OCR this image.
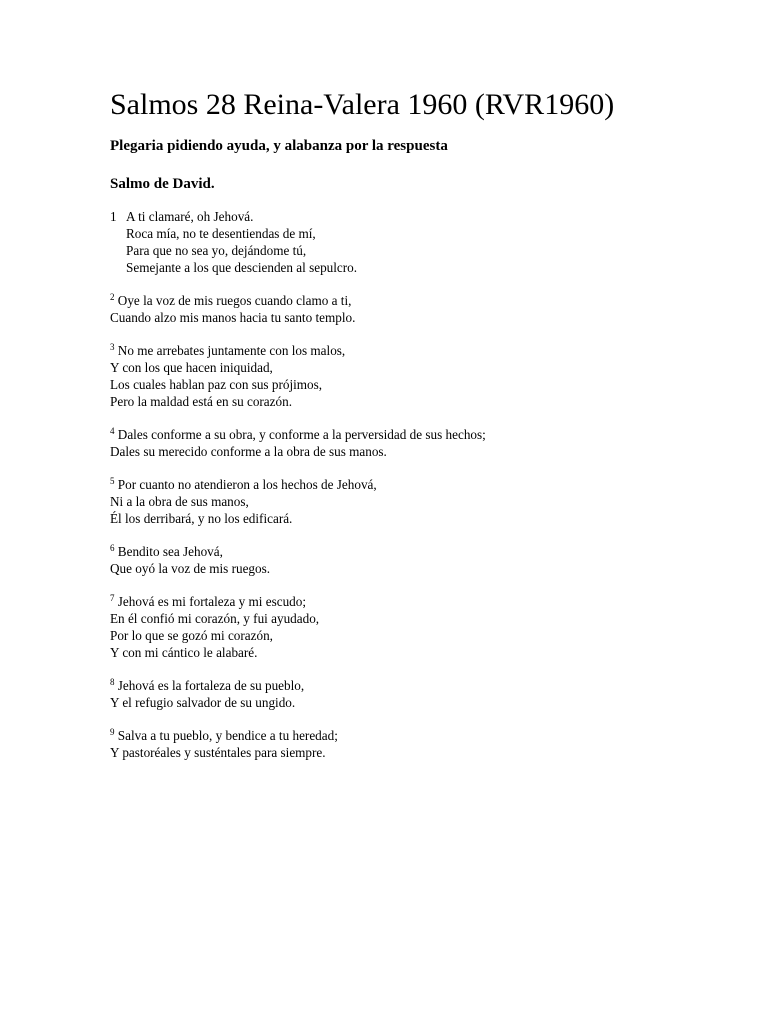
Salmos 28 Reina-Valera 1960 (RVR1960)
Plegaria pidiendo ayuda, y alabanza por la respuesta
Salmo de David.

1 A ti clamaré, oh Jehová.
Roca mía, no te desentiendas de mí,
Para que no sea yo, dejándome tú,
Semejante a los que descienden al sepulcro.

$^2$ Oye la voz de mis ruegos cuando clamo a ti,
Cuando alzo mis manos hacia tu santo templo.

$^3$ No me arrebates juntamente con los malos,
Y con los que hacen iniquidad,
Los cuales hablan paz con sus prójimos,
Pero la maldad está en su corazón.

$^4$ Dales conforme a su obra, y conforme a la perversidad de sus hechos;
Dales su merecido conforme a la obra de sus manos.

$^5$ Por cuanto no atendieron a los hechos de Jehová,
Ni a la obra de sus manos,
Él los derribará, y no los edificará.

$^6$ Bendito sea Jehová,
Que oyó la voz de mis ruegos.

$^7$ Jehová es mi fortaleza y mi escudo;
En él confió mi corazón, y fui ayudado,
Por lo que se gozó mi corazón,
Y con mi cántico le alabaré.

$^8$ Jehová es la fortaleza de su pueblo,
Y el refugio salvador de su ungido.

$^9$ Salva a tu pueblo, y bendice a tu heredad;
Y pastoréales y susténtales para siempre.
